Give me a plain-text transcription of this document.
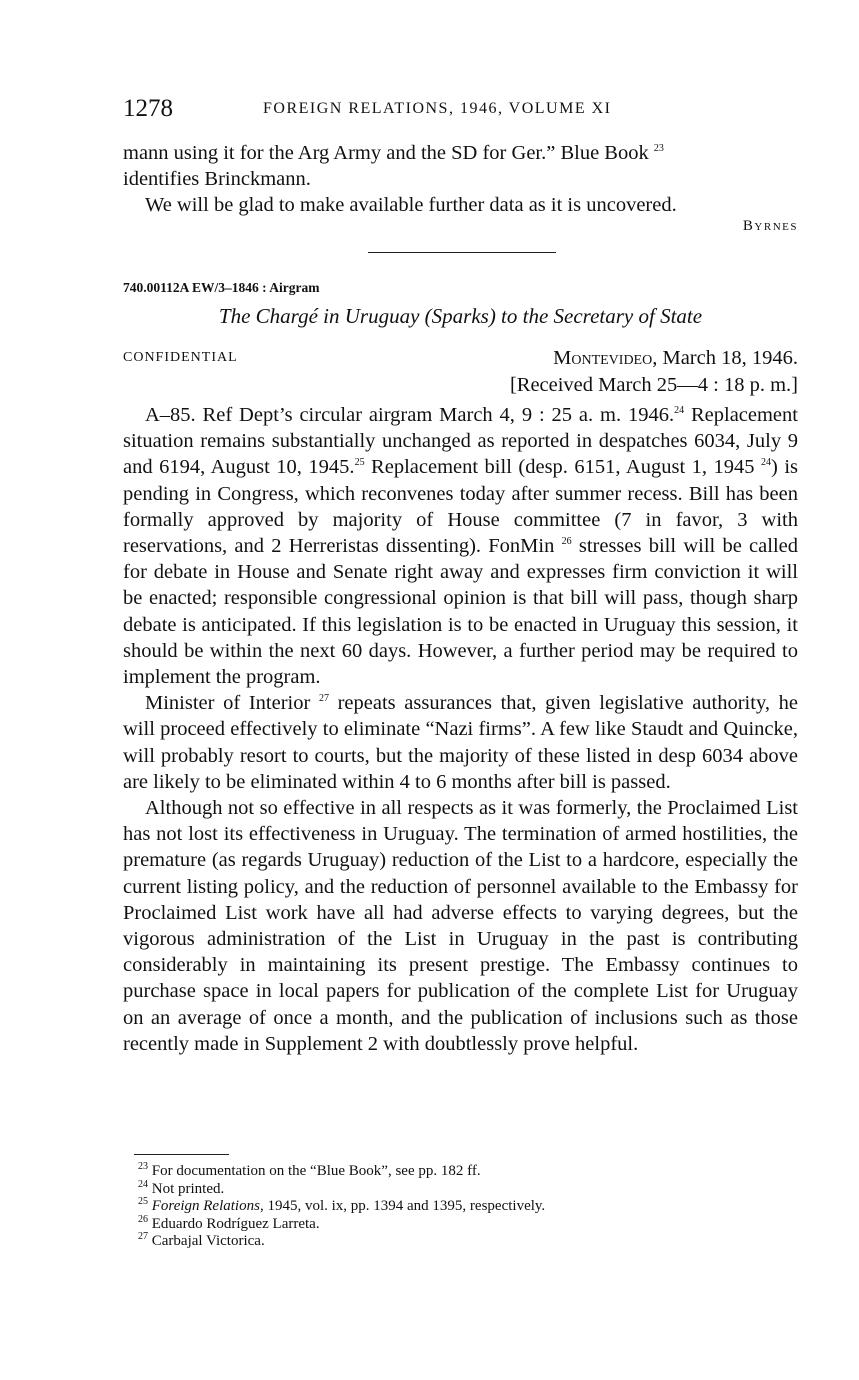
1278	FOREIGN RELATIONS, 1946, VOLUME XI

mann using it for the Arg Army and the SD for Ger.” Blue Book $^{23}$
identifies Brinckmann.

We will be glad to make available further data as it is uncovered.

Byrnes
740.00112A EW/3–1846 : Airgram
The Chargé in Uruguay (Sparks) to the Secretary of State
CONFIDENTIAL	Montevideo, March 18, 1946.
[Received March 25—4 : 18 p. m.]

A–85. Ref Dept’s circular airgram March 4, 9 : 25 a. m. 1946.24 Replacement situation remains substantially unchanged as reported in despatches 6034, July 9 and 6194, August 10, 1945.25 Replacement bill (desp. 6151, August 1, 1945 $^{24}$) is pending in Congress, which reconvenes today after summer recess. Bill has been formally approved by majority of House committee (7 in favor, 3 with reservations, and 2 Herreristas dissenting). FonMin $^{26}$ stresses bill will be called for debate in House and Senate right away and expresses firm conviction it will be enacted; responsible congressional opinion is that bill will pass, though sharp debate is anticipated. If this legislation is to be enacted in Uruguay this session, it should be within the next 60 days. However, a further period may be required to implement the program.

Minister of Interior $^{27}$ repeats assurances that, given legislative authority, he will proceed effectively to eliminate “Nazi firms”. A few like Staudt and Quincke, will probably resort to courts, but the majority of these listed in desp 6034 above are likely to be eliminated within 4 to 6 months after bill is passed.

Although not so effective in all respects as it was formerly, the Proclaimed List has not lost its effectiveness in Uruguay. The termination of armed hostilities, the premature (as regards Uruguay) reduction of the List to a hardcore, especially the current listing policy, and the reduction of personnel available to the Embassy for Proclaimed List work have all had adverse effects to varying degrees, but the vigorous administration of the List in Uruguay in the past is contributing considerably in maintaining its present prestige. The Embassy continues to purchase space in local papers for publication of the complete List for Uruguay on an average of once a month, and the publication of inclusions such as those recently made in Supplement 2 with doubtlessly prove helpful.

$^{23}$ For documentation on the “Blue Book”, see pp. 182 ff.

$^{24}$ Not printed.

$^{25}$ Foreign Relations, 1945, vol. ix, pp. 1394 and 1395, respectively.

$^{26}$ Eduardo Rodríguez Larreta.

$^{27}$ Carbajal Victorica.
